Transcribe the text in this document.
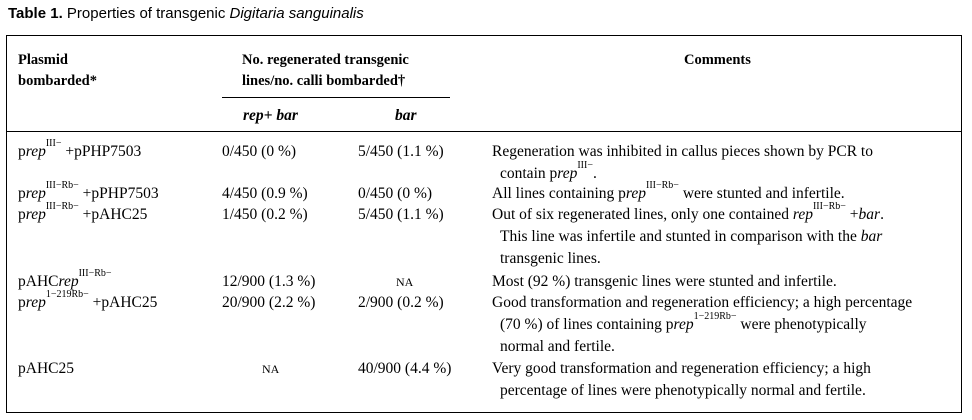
Table 1. Properties of transgenic Digitaria sanguinalis
Plasmid
bombarded*
No. regenerated transgenic
lines/no. calli bombarded†
Comments
rep+ bar	bar
prep$^{III-}$ +pPHP7503	0/450 (0 %)	5/450 (1.1 %)	Regeneration was inhibited in callus pieces shown by PCR to
contain prep$^{III-}$.
prep$^{III-Rb-}$ +pPHP7503	4/450 (0.9 %)	0/450 (0 %)	All lines containing prep$^{III-Rb-}$ were stunted and infertile.
prep$^{III-Rb-}$ +pAHC25	1/450 (0.2 %)	5/450 (1.1 %)	Out of six regenerated lines, only one contained rep$^{III-Rb-}$ +bar.
This line was infertile and stunted in comparison with the bar
transgenic lines.
pAHCrep$^{III-Rb-}$	12/900 (1.3 %)	NA	Most (92 %) transgenic lines were stunted and infertile.
prep$^{1-219Rb-}$ +pAHC25	20/900 (2.2 %)	2/900 (0.2 %)	Good transformation and regeneration efficiency; a high percentage
(70 %) of lines containing prep$^{1-219Rb-}$ were phenotypically
normal and fertile.
pAHC25	NA	40/900 (4.4 %)	Very good transformation and regeneration efficiency; a high
percentage of lines were phenotypically normal and fertile.
